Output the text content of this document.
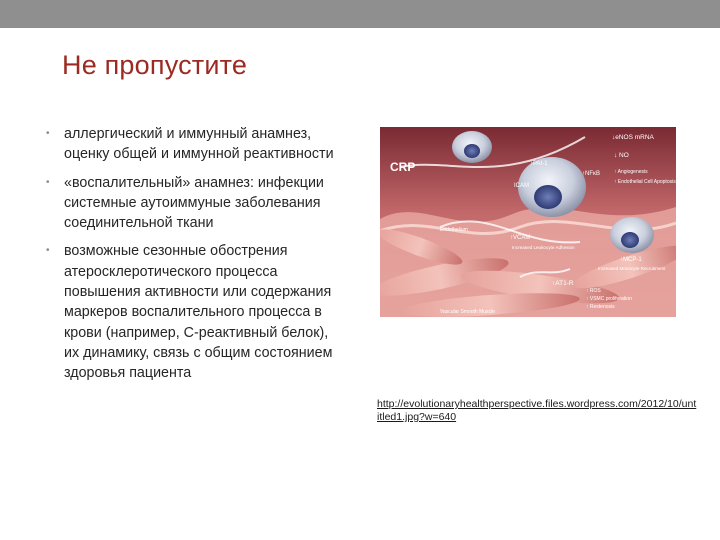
Не пропустите
• аллергический и иммунный анамнез, оценку общей и иммунной реактивности
• «воспалительный» анамнез: инфекции системные аутоиммуные заболевания соединительной ткани
• возможные сезонные обострения атеросклеротического процесса повышения активности или содержания маркеров воспалительного процесса в крови (например, С-реактивный белок), их динамику, связь с общим состоянием здоровья пациента
CRP
↓eNOS mRNA
↓ NO
↑ Angiogenesis
↑ Endothelial Cell Apoptosis
↑PAI-1
↑NFκB
ICAM
Endothelium
↑VCAM
Increased Leukocyte Adhesion
↑MCP-1
Increased Monocyte Recruitment
↑AT1-R
↑ ROS
↑ VSMC proliferation
↑ Restenosis
Vascular Smooth Muscle
http://evolutionaryhealthperspective.files.wordpress.com/2012/10/untitled1.jpg?w=640
